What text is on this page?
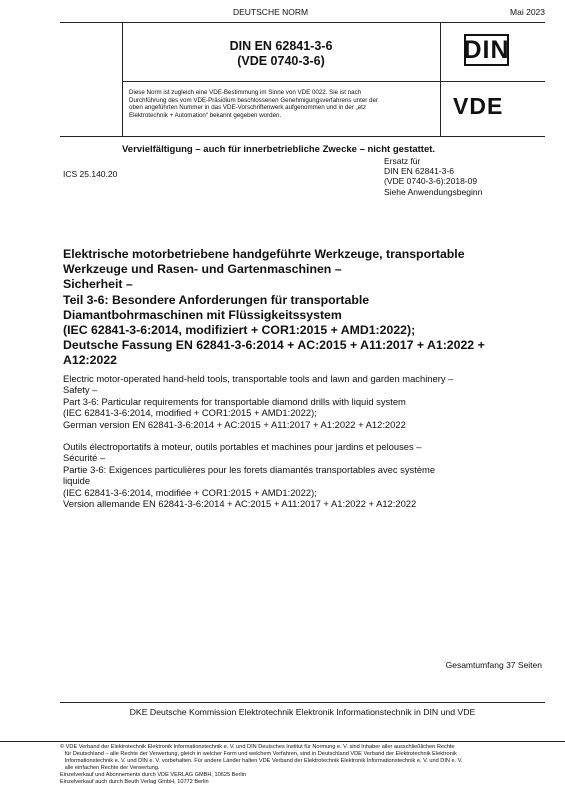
DEUTSCHE NORM	Mai 2023
DIN EN 62841-3-6
(VDE 0740-3-6)	DIN
Diese Norm ist zugleich eine VDE-Bestimmung im Sinne von VDE 0022. Sie ist nach
Durchführung des vom VDE-Präsidium beschlossenen Genehmigungsverfahrens unter der
oben angeführten Nummer in das VDE-Vorschriftenwerk aufgenommen und in der „etz
Elektrotechnik + Automation“ bekannt gegeben worden.	VDE
Vervielfältigung – auch für innerbetriebliche Zwecke – nicht gestattet.
ICS 25.140.20
Ersatz für
DIN EN 62841-3-6
(VDE 0740-3-6):2018-09
Siehe Anwendungsbeginn
Elektrische motorbetriebene handgeführte Werkzeuge, transportable
Werkzeuge und Rasen- und Gartenmaschinen –
Sicherheit –
Teil 3-6: Besondere Anforderungen für transportable
Diamantbohrmaschinen mit Flüssigkeitssystem
(IEC 62841-3-6:2014, modifiziert + COR1:2015 + AMD1:2022);
Deutsche Fassung EN 62841-3-6:2014 + AC:2015 + A11:2017 + A1:2022 +
A12:2022
Electric motor-operated hand-held tools, transportable tools and lawn and garden machinery –
Safety –
Part 3-6: Particular requirements for transportable diamond drills with liquid system
(IEC 62841-3-6:2014, modified + COR1:2015 + AMD1:2022);
German version EN 62841-3-6:2014 + AC:2015 + A11:2017 + A1:2022 + A12:2022
Outils électroportatifs à moteur, outils portables et machines pour jardins et pelouses –
Sécurité –
Partie 3-6: Exigences particulières pour les forets diamantés transportables avec système
liquide
(IEC 62841-3-6:2014, modifiée + COR1:2015 + AMD1:2022);
Version allemande EN 62841-3-6:2014 + AC:2015 + A11:2017 + A1:2022 + A12:2022
Gesamtumfang 37 Seiten
DKE Deutsche Kommission Elektrotechnik Elektronik Informationstechnik in DIN und VDE
© VDE Verband der Elektrotechnik Elektronik Informationstechnik e. V. und DIN Deutsches Institut für Normung e. V. sind Inhaber aller ausschließlichen Rechte
für Deutschland – alle Rechte der Verwertung, gleich in welcher Form und welchem Verfahren, sind in Deutschland VDE Verband der Elektrotechnik Elektronik
Informationstechnik e. V. und DIN e. V. vorbehalten. Für andere Länder halten VDE Verband der Elektrotechnik Elektronik Informationstechnik e. V. und DIN e. V.
alle einfachen Rechte der Verwertung.
Einzelverkauf und Abonnements durch VDE VERLAG GMBH, 10625 Berlin
Einzelverkauf auch durch Beuth Verlag GmbH, 10772 Berlin
